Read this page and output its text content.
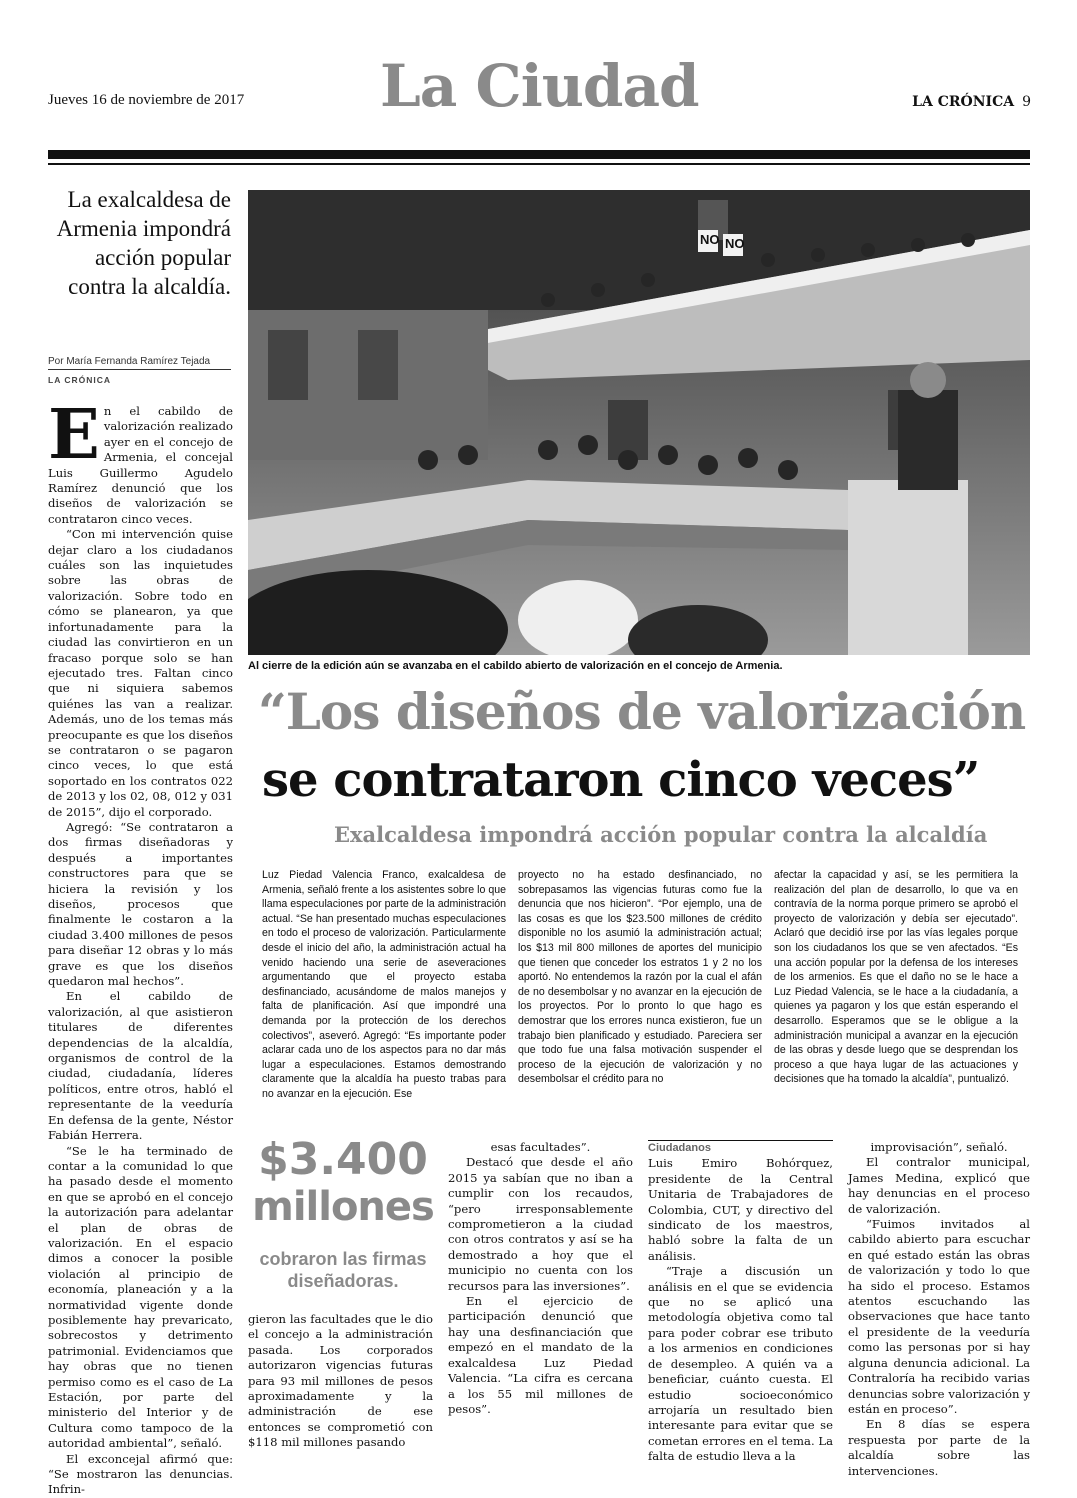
Jueves 16 de noviembre de 2017 La Ciudad	LA CRÓNICA 9
La exalcaldesa de Armenia impondrá acción popular contra la alcaldía.
Por María Fernanda Ramírez Tejada
LA CRÓNICA
E n el cabildo de valorización realizado ayer en el concejo de Armenia, el concejal Luis Guillermo Agudelo Ramírez denunció que los diseños de valorización se contrataron cinco veces.

“Con mi intervención quise dejar claro a los ciudadanos cuáles son las inquietudes sobre las obras de valorización. Sobre todo en cómo se planearon, ya que infortunadamente para la ciudad las convirtieron en un fracaso porque solo se han ejecutado tres. Faltan cinco que ni siquiera sabemos quiénes las van a realizar. Además, uno de los temas más preocupante es que los diseños se contrataron o se pagaron cinco veces, lo que está soportado en los contratos 022 de 2013 y los 02, 08, 012 y 031 de 2015”, dijo el corporado.

Agregó: “Se contrataron a dos firmas diseñadoras y después a importantes constructores para que se hiciera la revisión y los diseños, procesos que finalmente le costaron a la ciudad 3.400 millones de pesos para diseñar 12 obras y lo más grave es que los diseños quedaron mal hechos”.

En el cabildo de valorización, al que asistieron titulares de diferentes dependencias de la alcaldía, organismos de control de la ciudad, ciudadanía, líderes políticos, entre otros, habló el representante de la veeduría En defensa de la gente, Néstor Fabián Herrera.

“Se le ha terminado de contar a la comunidad lo que ha pasado desde el momento en que se aprobó en el concejo la autorización para adelantar el plan de obras de valorización. En el espacio dimos a conocer la posible violación al principio de economía, planeación y a la normatividad vigente donde posiblemente hay prevaricato, sobrecostos y detrimento patrimonial. Evidenciamos que hay obras que no tienen permiso como es el caso de La Estación, por parte del ministerio del Interior y de Cultura como tampoco de la autoridad ambiental”, señaló.

El exconcejal afirmó que: “Se mostraron las denuncias. Infrin-

NO NO
Al cierre de la edición aún se avanzaba en el cabildo abierto de valorización en el concejo de Armenia.
“Los diseños de valorización
se contrataron cinco veces”
Exalcaldesa impondrá acción popular contra la alcaldía
Luz Piedad Valencia Franco, exalcaldesa de Armenia, señaló frente a los asistentes sobre lo que llama especulaciones por parte de la administración actual. “Se han presentado muchas especulaciones en todo el proceso de valorización. Particularmente desde el inicio del año, la administración actual ha venido haciendo una serie de aseveraciones argumentando que el proyecto estaba desfinanciado, acusándome de malos manejos y falta de planificación. Así que impondré una demanda por la protección de los derechos colectivos”, aseveró. Agregó: “Es importante poder aclarar cada uno de los aspectos para no dar más lugar a especulaciones. Estamos demostrando claramente que la alcaldía ha puesto trabas para no avanzar en la ejecución. Ese
proyecto no ha estado desfinanciado, no sobrepasamos las vigencias futuras como fue la denuncia que nos hicieron”. “Por ejemplo, una de las cosas es que los $23.500 millones de crédito disponible no los asumió la administración actual; los $13 mil 800 millones de aportes del municipio que tienen que conceder los estratos 1 y 2 no los aportó. No entendemos la razón por la cual el afán de no desembolsar y no avanzar en la ejecución de los proyectos. Por lo pronto lo que hago es demostrar que los errores nunca existieron, fue un trabajo bien planificado y estudiado. Pareciera ser que todo fue una falsa motivación suspender el proceso de la ejecución de valorización y no desembolsar el crédito para no
afectar la capacidad y así, se les permitiera la realización del plan de desarrollo, lo que va en contravía de la norma porque primero se aprobó el proyecto de valorización y debía ser ejecutado”. Aclaró que decidió irse por las vías legales porque son los ciudadanos los que se ven afectados. “Es una acción popular por la defensa de los intereses de los armenios. Es que el daño no se le hace a Luz Piedad Valencia, se le hace a la ciudadanía, a quienes ya pagaron y los que están esperando el desarrollo. Esperamos que se le obligue a la administración municipal a avanzar en la ejecución de las obras y desde luego que se desprendan los proceso a que haya lugar de las actuaciones y decisiones que ha tomado la alcaldía”, puntualizó.
$3.400
millones
cobraron las firmas diseñadoras.

gieron las facultades que le dio el concejo a la administración pasada. Los corporados autorizaron vigencias futuras para 93 mil millones de pesos aproximadamente y la administración de ese entonces se comprometió con $118 mil millones pasando

esas facultades”.

Destacó que desde el año 2015 ya sabían que no iban a cumplir con los recaudos, “pero irresponsablemente comprometieron a la ciudad con otros contratos y así se ha demostrado a hoy que el municipio no cuenta con los recursos para las inversiones”.

En el ejercicio de participación denunció que hay una desfinanciación que empezó en el mandato de la exalcaldesa Luz Piedad Valencia. “La cifra es cercana a los 55 mil millones de pesos”.

Ciudadanos

Luis Emiro Bohórquez, presidente de la Central Unitaria de Trabajadores de Colombia, CUT, y directivo del sindicato de los maestros, habló sobre la falta de un análisis.

“Traje a discusión un análisis en el que se evidencia que no se aplicó una metodología objetiva como tal para poder cobrar ese tributo a los armenios en condiciones de desempleo. A quién va a beneficiar, cuánto cuesta. El estudio socioeconómico arrojaría un resultado bien interesante para evitar que se cometan errores en el tema. La falta de estudio lleva a la

improvisación”, señaló.

El contralor municipal, James Medina, explicó que hay denuncias en el proceso de valorización.

“Fuimos invitados al cabildo abierto para escuchar en qué estado están las obras de valorización y todo lo que ha sido el proceso. Estamos atentos escuchando las observaciones que hace tanto el presidente de la veeduría como las personas por si hay alguna denuncia adicional. La Contraloría ha recibido varias denuncias sobre valorización y están en proceso”.

En 8 días se espera respuesta por parte de la alcaldía sobre las intervenciones.
